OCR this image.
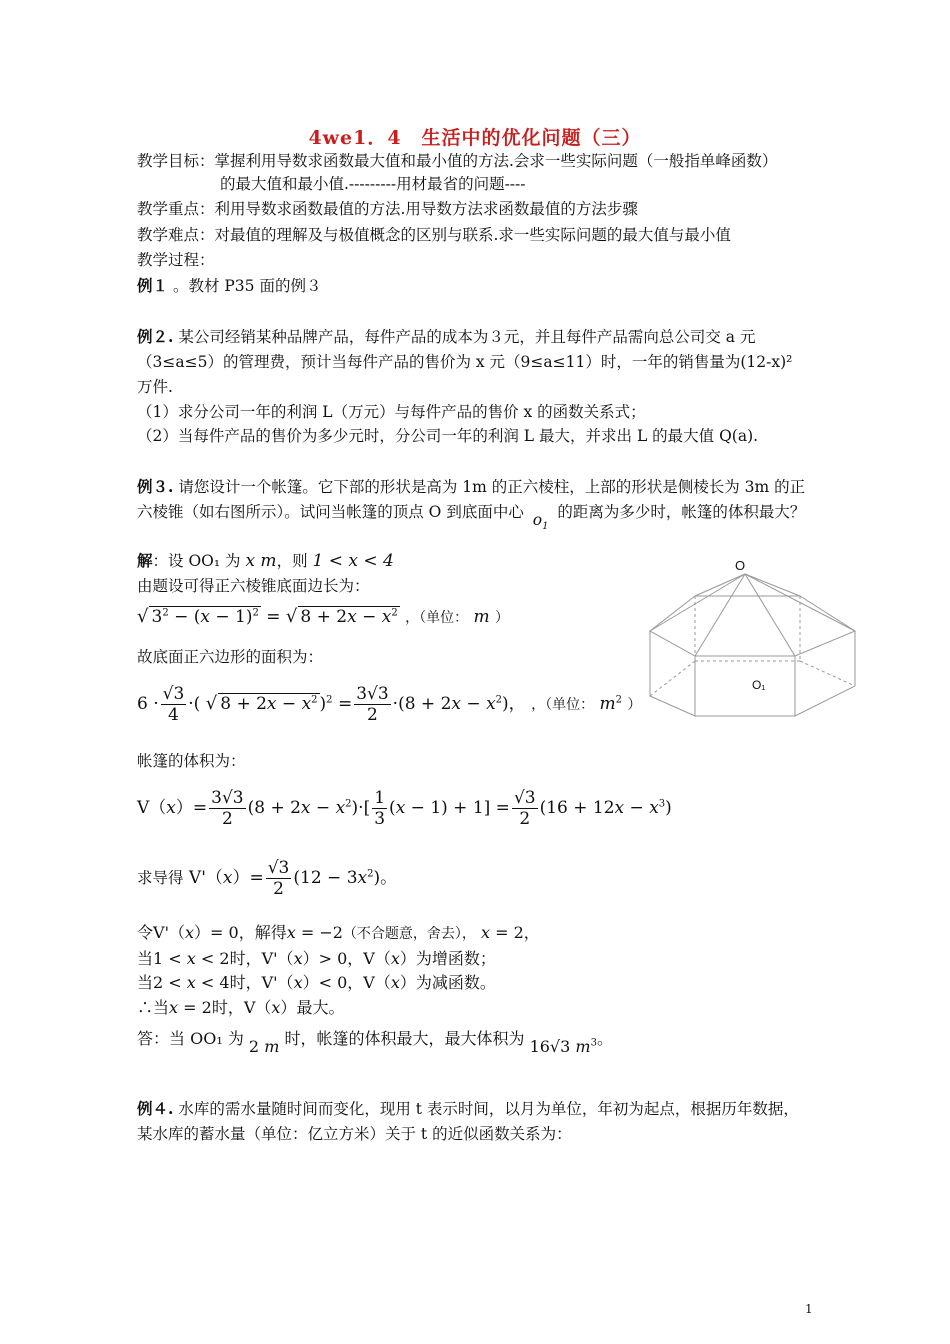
4we1．4　生活中的优化问题（三）
教学目标：掌握利用导数求函数最大值和最小值的方法.会求一些实际问题（一般指单峰函数）
的最大值和最小值.---------用材最省的问题----
教学重点：利用导数求函数最值的方法.用导数方法求函数最值的方法步骤
教学难点：对最值的理解及与极值概念的区别与联系.求一些实际问题的最大值与最小值
教学过程：
例１ 。教材 P35 面的例３
例２. 某公司经销某种品牌产品，每件产品的成本为３元，并且每件产品需向总公司交 a 元
（3≤a≤5）的管理费，预计当每件产品的售价为 x 元（9≤a≤11）时，一年的销售量为(12-x)²
万件.
（1）求分公司一年的利润 L（万元）与每件产品的售价 x 的函数关系式；
（2）当每件产品的售价为多少元时，分公司一年的利润 L 最大，并求出 L 的最大值 Q(a).
例３. 请您设计一个帐篷。它下部的形状是高为 1m 的正六棱柱，上部的形状是侧棱长为 3m 的正
六棱锥（如右图所示）。试问当帐篷的顶点 O 到底面中心 $o_1$ 的距离为多少时，帐篷的体积最大？
解：设 OO₁ 为 x m，则 1 < x < 4
由题设可得正六棱锥底面边长为：
√ $3^2 - (x - 1)^2$ = √ $8 + 2x - x^2$ ，（单位： m ）
故底面正六边形的面积为：
$6 \cdot \frac{√3}{4}$ ·( √ $8 + 2x - x^2$ )$^2 = \frac{3√3}{2} \cdot(8 + 2x - x^2)$， ，（单位： $m^2$ ）
帐篷的体积为：
$V(x)= \frac{3√3}{2} (8 + 2x - x^2)\cdot[ \frac{1}{3} (x - 1) + 1] = \frac{√3}{2} (16 + 12x - x^3)$
求导得 $V'(x)= \frac{√3}{2} (12 - 3x^2)$。
令V'（x）= 0，解得x = −2（不合题意，舍去）， x = 2，
当1 < x < 2时，V'（x）> 0，V（x）为增函数；
当2 < x < 4时，V'（x）< 0，V（x）为减函数。
∴当x = 2时，V（x）最大。
答：当 OO₁ 为 2 m 时，帐篷的体积最大，最大体积为 16√3 $m^3$。
O
O₁
例４. 水库的需水量随时间而变化，现用 t 表示时间，以月为单位，年初为起点，根据历年数据，
某水库的蓄水量（单位：亿立方米）关于 t 的近似函数关系为：
1
